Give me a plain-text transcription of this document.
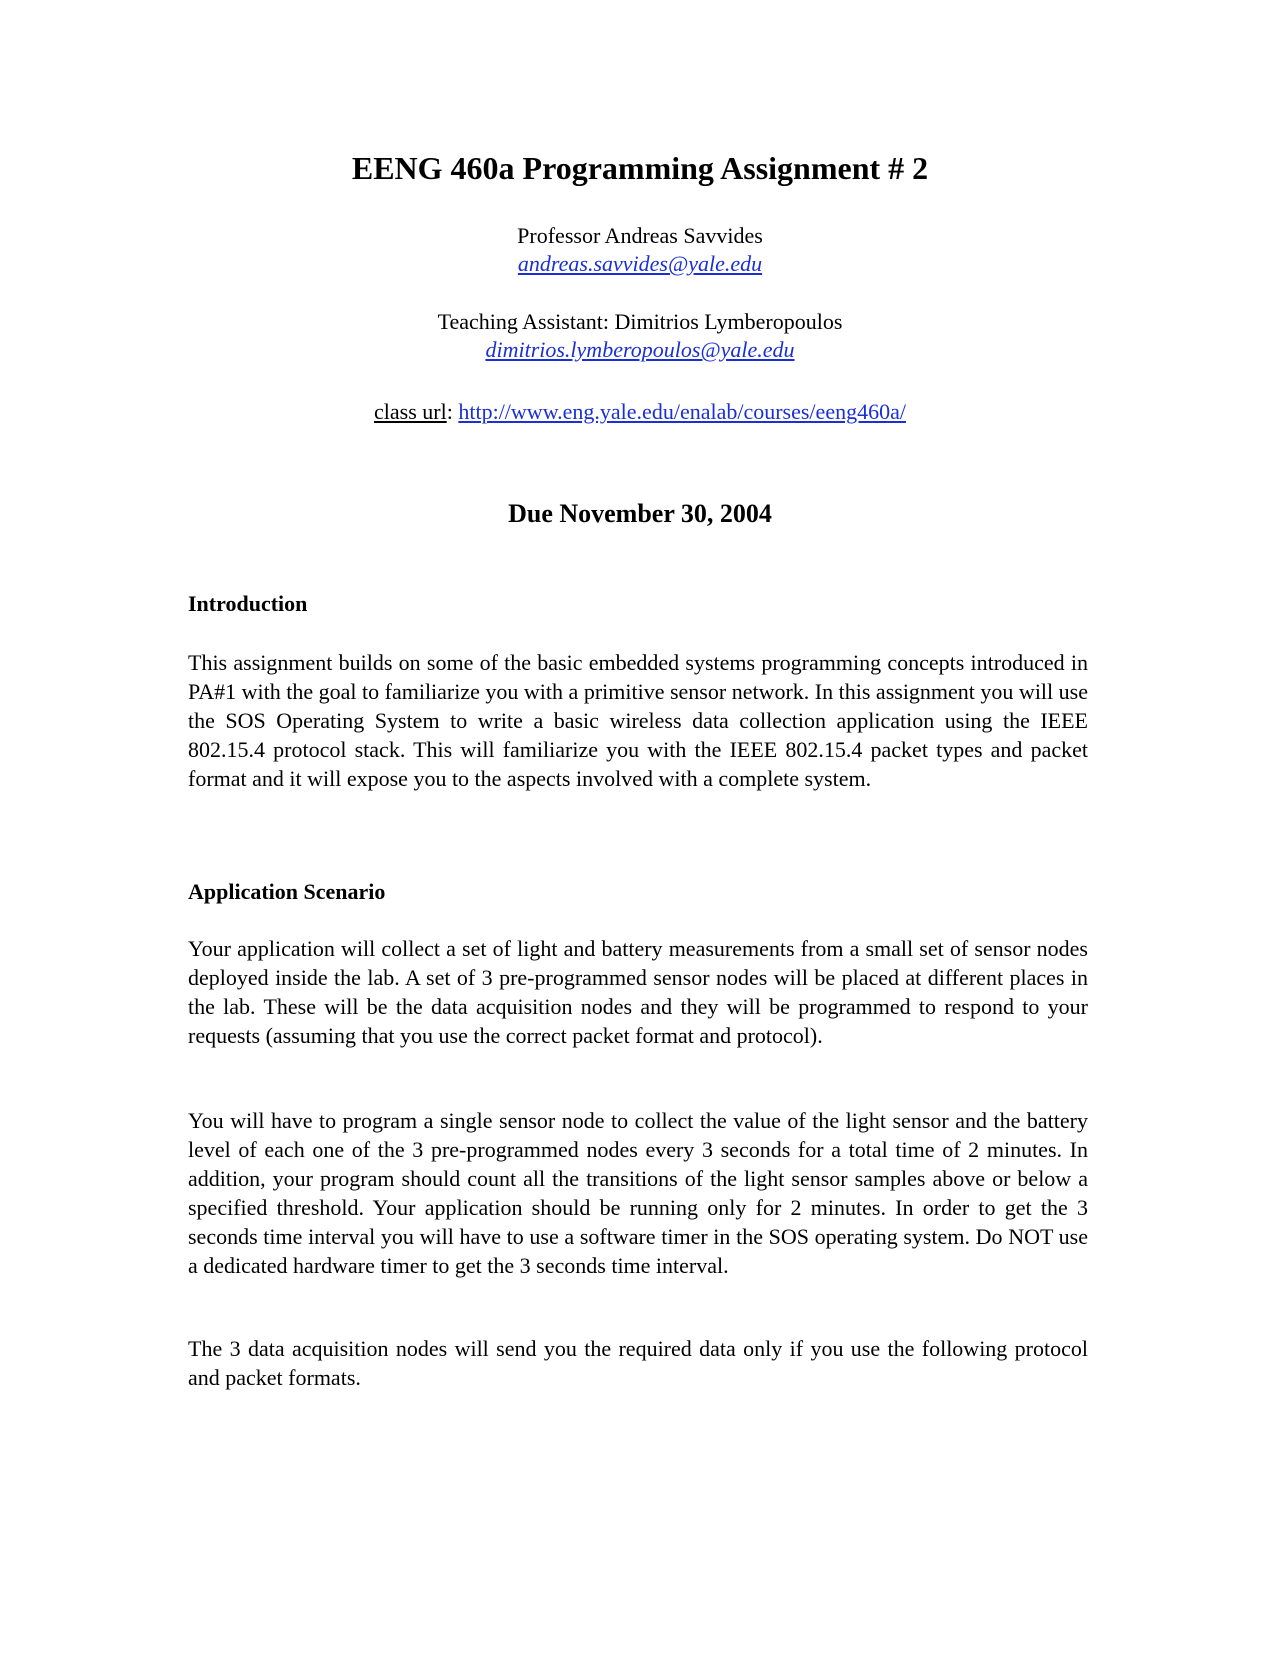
EENG 460a Programming Assignment # 2
Professor Andreas Savvides
andreas.savvides@yale.edu
Teaching Assistant: Dimitrios Lymberopoulos
dimitrios.lymberopoulos@yale.edu
class url: http://www.eng.yale.edu/enalab/courses/eeng460a/
Due November 30, 2004
Introduction

This assignment builds on some of the basic embedded systems programming concepts introduced in PA#1 with the goal to familiarize you with a primitive sensor network. In this assignment you will use the SOS Operating System to write a basic wireless data collection application using the IEEE 802.15.4 protocol stack. This will familiarize you with the IEEE 802.15.4 packet types and packet format and it will expose you to the aspects involved with a complete system.

Application Scenario

Your application will collect a set of light and battery measurements from a small set of sensor nodes deployed inside the lab. A set of 3 pre-programmed sensor nodes will be placed at different places in the lab. These will be the data acquisition nodes and they will be programmed to respond to your requests (assuming that you use the correct packet format and protocol).

You will have to program a single sensor node to collect the value of the light sensor and the battery level of each one of the 3 pre-programmed nodes every 3 seconds for a total time of 2 minutes. In addition, your program should count all the transitions of the light sensor samples above or below a specified threshold. Your application should be running only for 2 minutes. In order to get the 3 seconds time interval you will have to use a software timer in the SOS operating system. Do NOT use a dedicated hardware timer to get the 3 seconds time interval.

The 3 data acquisition nodes will send you the required data only if you use the following protocol and packet formats.
